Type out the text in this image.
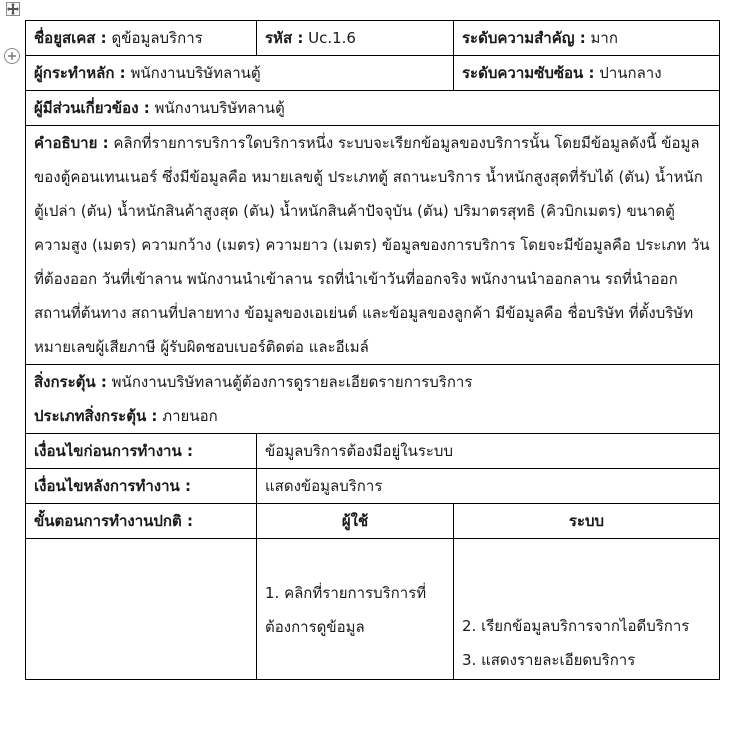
ชื่อยูสเคส : ดูข้อมูลบริการ	รหัส : Uc.1.6	ระดับความสำคัญ : มาก
ผู้กระทำหลัก : พนักงานบริษัทลานตู้		ระดับความซับซ้อน : ปานกลาง
ผู้มีส่วนเกี่ยวข้อง : พนักงานบริษัทลานตู้		
คำอธิบาย : คลิกที่รายการบริการใดบริการหนึ่ง ระบบจะเรียกข้อมูลของบริการนั้น โดยมีข้อมูลดังนี้ ข้อมูลของตู้คอนเทนเนอร์ ซึ่งมีข้อมูลคือ หมายเลขตู้ ประเภทตู้ สถานะบริการ น้ำหนักสูงสุดที่รับได้ (ตัน) น้ำหนักตู้เปล่า (ตัน) น้ำหนักสินค้าสูงสุด (ตัน) น้ำหนักสินค้าปัจจุบัน (ตัน) ปริมาตรสุทธิ (คิวบิกเมตร) ขนาดตู้ ความสูง (เมตร) ความกว้าง (เมตร) ความยาว (เมตร) ข้อมูลของการบริการ โดยจะมีข้อมูลคือ ประเภท วันที่ต้องออก วันที่เข้าลาน พนักงานนำเข้าลาน รถที่นำเข้าวันที่ออกจริง พนักงานนำออกลาน รถที่นำออก สถานที่ต้นทาง สถานที่ปลายทาง ข้อมูลของเอเย่นต์ และข้อมูลของลูกค้า มีข้อมูลคือ ชื่อบริษัท ที่ตั้งบริษัท หมายเลขผู้เสียภาษี ผู้รับผิดชอบเบอร์ติดต่อ และอีเมล์		

สิ่งกระตุ้น : พนักงานบริษัทลานตู้ต้องการดูรายละเอียดรายการบริการ
ประเภทสิ่งกระตุ้น : ภายนอก		

เงื่อนไขก่อนการทำงาน :	ข้อมูลบริการต้องมีอยู่ในระบบ	
เงื่อนไขหลังการทำงาน :	แสดงข้อมูลบริการ	
ขั้นตอนการทำงานปกติ :	ผู้ใช้	ระบบ

	1. คลิกที่รายการบริการที่ต้องการดูข้อมูล	2. เรียกข้อมูลบริการจากไอดีบริการ
3. แสดงรายละเอียดบริการ
